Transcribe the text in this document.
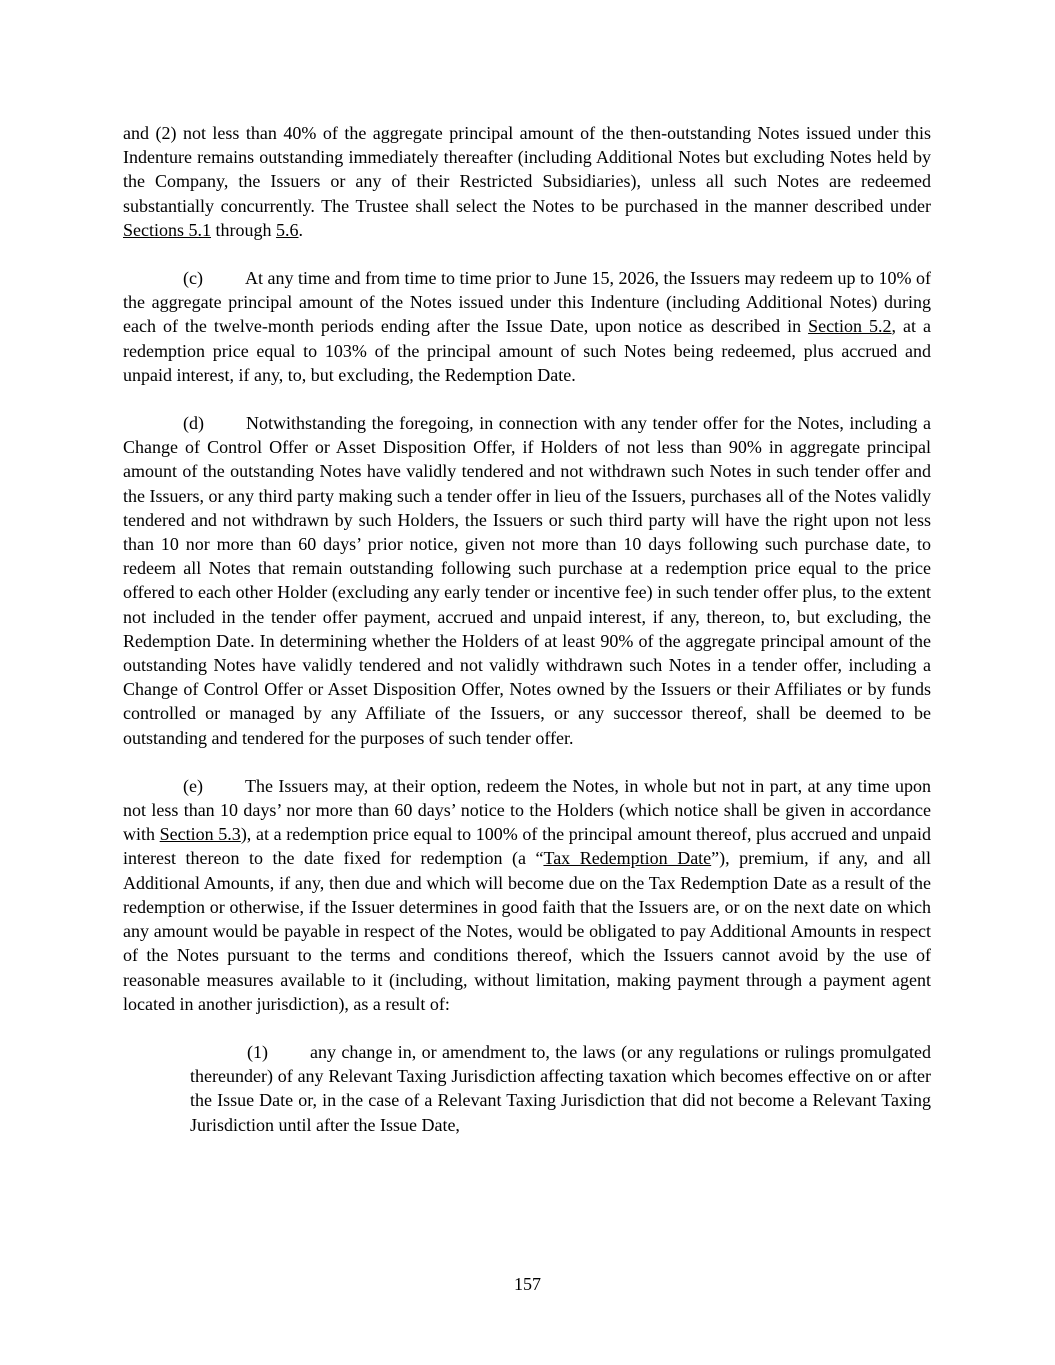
and (2) not less than 40% of the aggregate principal amount of the then-outstanding Notes issued under this Indenture remains outstanding immediately thereafter (including Additional Notes but excluding Notes held by the Company, the Issuers or any of their Restricted Subsidiaries), unless all such Notes are redeemed substantially concurrently. The Trustee shall select the Notes to be purchased in the manner described under Sections 5.1 through 5.6.

(c) At any time and from time to time prior to June 15, 2026, the Issuers may redeem up to 10% of the aggregate principal amount of the Notes issued under this Indenture (including Additional Notes) during each of the twelve-month periods ending after the Issue Date, upon notice as described in Section 5.2, at a redemption price equal to 103% of the principal amount of such Notes being redeemed, plus accrued and unpaid interest, if any, to, but excluding, the Redemption Date.

(d) Notwithstanding the foregoing, in connection with any tender offer for the Notes, including a Change of Control Offer or Asset Disposition Offer, if Holders of not less than 90% in aggregate principal amount of the outstanding Notes have validly tendered and not withdrawn such Notes in such tender offer and the Issuers, or any third party making such a tender offer in lieu of the Issuers, purchases all of the Notes validly tendered and not withdrawn by such Holders, the Issuers or such third party will have the right upon not less than 10 nor more than 60 days’ prior notice, given not more than 10 days following such purchase date, to redeem all Notes that remain outstanding following such purchase at a redemption price equal to the price offered to each other Holder (excluding any early tender or incentive fee) in such tender offer plus, to the extent not included in the tender offer payment, accrued and unpaid interest, if any, thereon, to, but excluding, the Redemption Date. In determining whether the Holders of at least 90% of the aggregate principal amount of the outstanding Notes have validly tendered and not validly withdrawn such Notes in a tender offer, including a Change of Control Offer or Asset Disposition Offer, Notes owned by the Issuers or their Affiliates or by funds controlled or managed by any Affiliate of the Issuers, or any successor thereof, shall be deemed to be outstanding and tendered for the purposes of such tender offer.

(e) The Issuers may, at their option, redeem the Notes, in whole but not in part, at any time upon not less than 10 days’ nor more than 60 days’ notice to the Holders (which notice shall be given in accordance with Section 5.3), at a redemption price equal to 100% of the principal amount thereof, plus accrued and unpaid interest thereon to the date fixed for redemption (a “Tax Redemption Date”), premium, if any, and all Additional Amounts, if any, then due and which will become due on the Tax Redemption Date as a result of the redemption or otherwise, if the Issuer determines in good faith that the Issuers are, or on the next date on which any amount would be payable in respect of the Notes, would be obligated to pay Additional Amounts in respect of the Notes pursuant to the terms and conditions thereof, which the Issuers cannot avoid by the use of reasonable measures available to it (including, without limitation, making payment through a payment agent located in another jurisdiction), as a result of:

(1) any change in, or amendment to, the laws (or any regulations or rulings promulgated thereunder) of any Relevant Taxing Jurisdiction affecting taxation which becomes effective on or after the Issue Date or, in the case of a Relevant Taxing Jurisdiction that did not become a Relevant Taxing Jurisdiction until after the Issue Date,

157
